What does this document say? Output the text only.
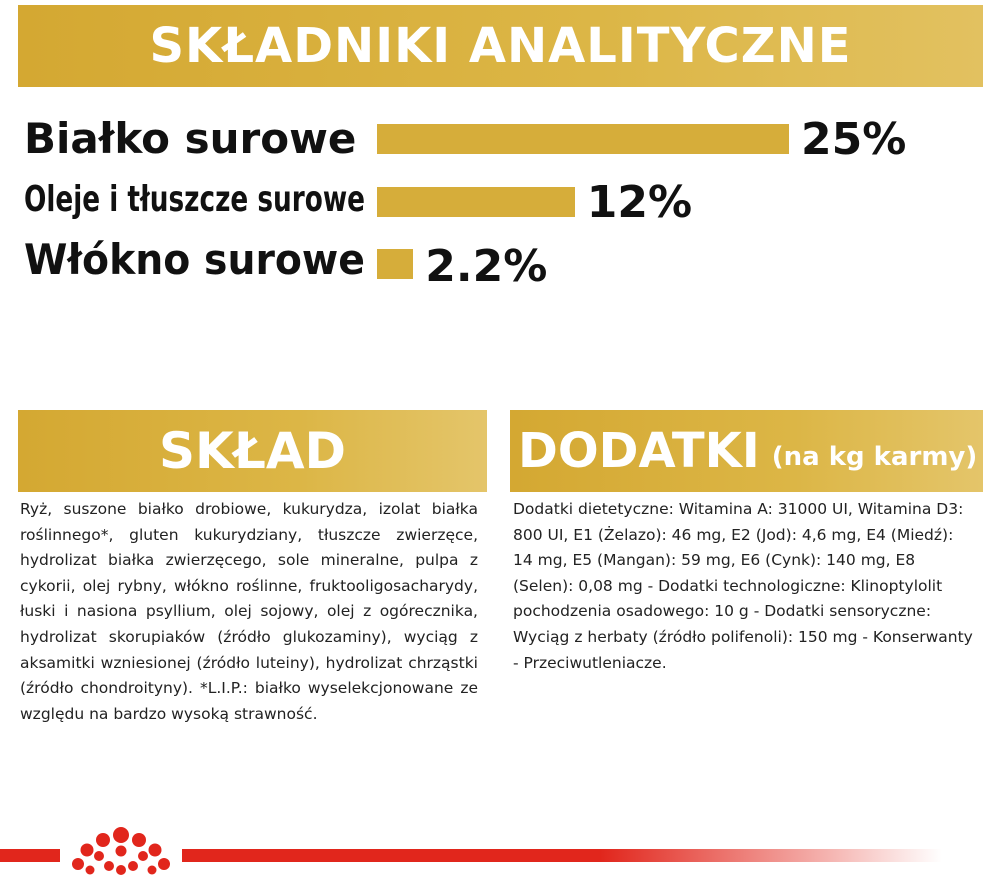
SKŁADNIKI ANALITYCZNE
Białko surowe	25%
Oleje i tłuszcze surowe	12%
Włókno surowe 2.2%
SKŁAD

Ryż, suszone białko drobiowe, kukurydza, izolat białka roślinnego*, gluten kukurydziany, tłuszcze zwierzęce, hydrolizat białka zwierzęcego, sole mineralne, pulpa z cykorii, olej rybny, włókno roślinne, fruktooligosacharydy, łuski i nasiona psyllium, olej sojowy, olej z ogórecznika, hydrolizat skorupiaków (źródło glukozaminy), wyciąg z aksamitki wzniesionej (źródło luteiny), hydrolizat chrząstki (źródło chondroityny). *L.I.P.: białko wyselekcjonowane ze względu na bardzo wysoką strawność.

DODATKI (na kg karmy)

Dodatki dietetyczne: Witamina A: 31000 UI, Witamina D3: 800 UI, E1 (Żelazo): 46 mg, E2 (Jod): 4,6 mg, E4 (Miedź): 14 mg, E5 (Mangan): 59 mg, E6 (Cynk): 140 mg, E8 (Selen): 0,08 mg - Dodatki technologiczne: Klinoptylolit pochodzenia osadowego: 10 g - Dodatki sensoryczne: Wyciąg z herbaty (źródło polifenoli): 150 mg - Konserwanty - Przeciwutleniacze.
